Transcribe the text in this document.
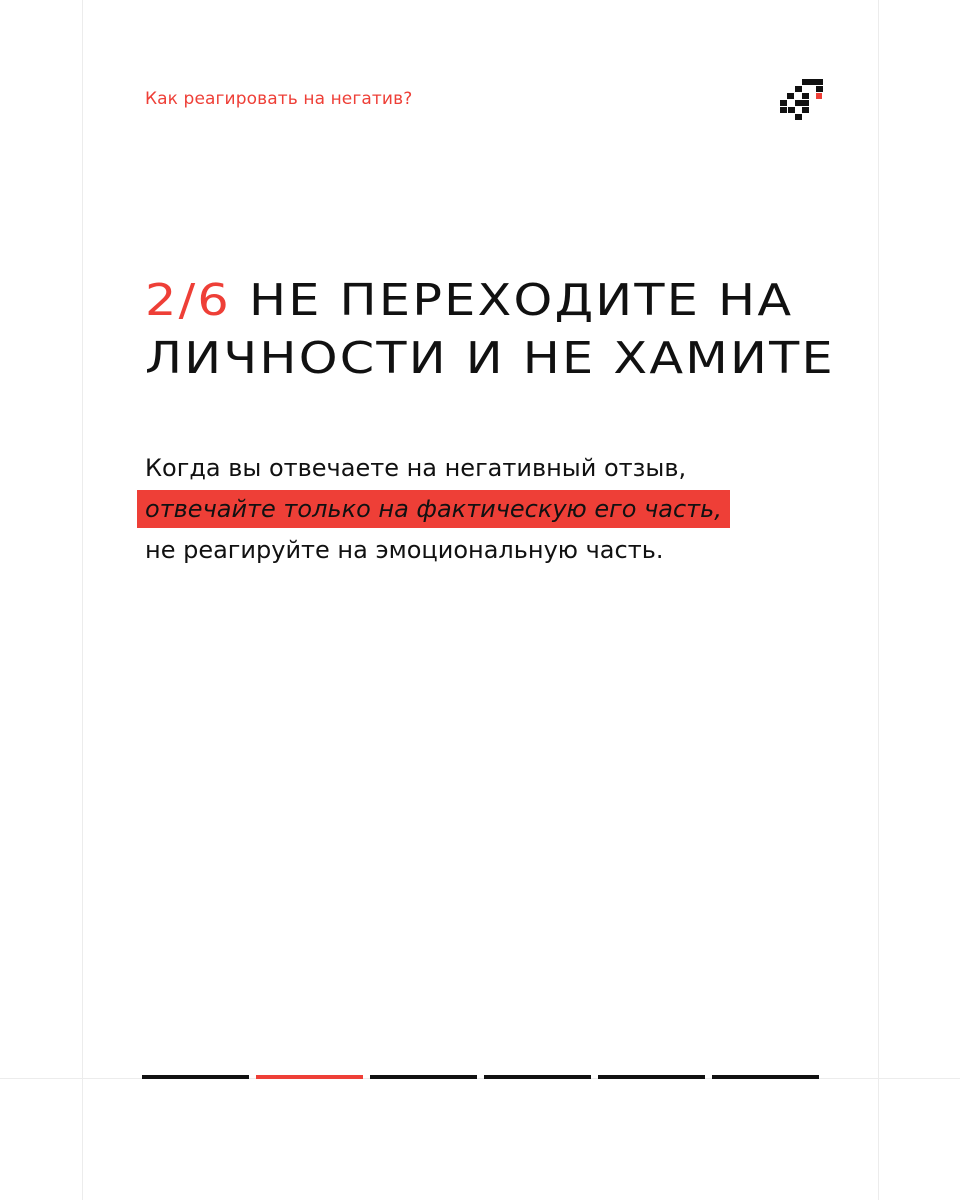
Как реагировать на негатив?
2/6 НЕ ПЕРЕХОДИТЕ НА
ЛИЧНОСТИ И НЕ ХАМИТЕ
Когда вы отвечаете на негативный отзыв,
отвечайте только на фактическую его часть,
не реагируйте на эмоциональную часть.
